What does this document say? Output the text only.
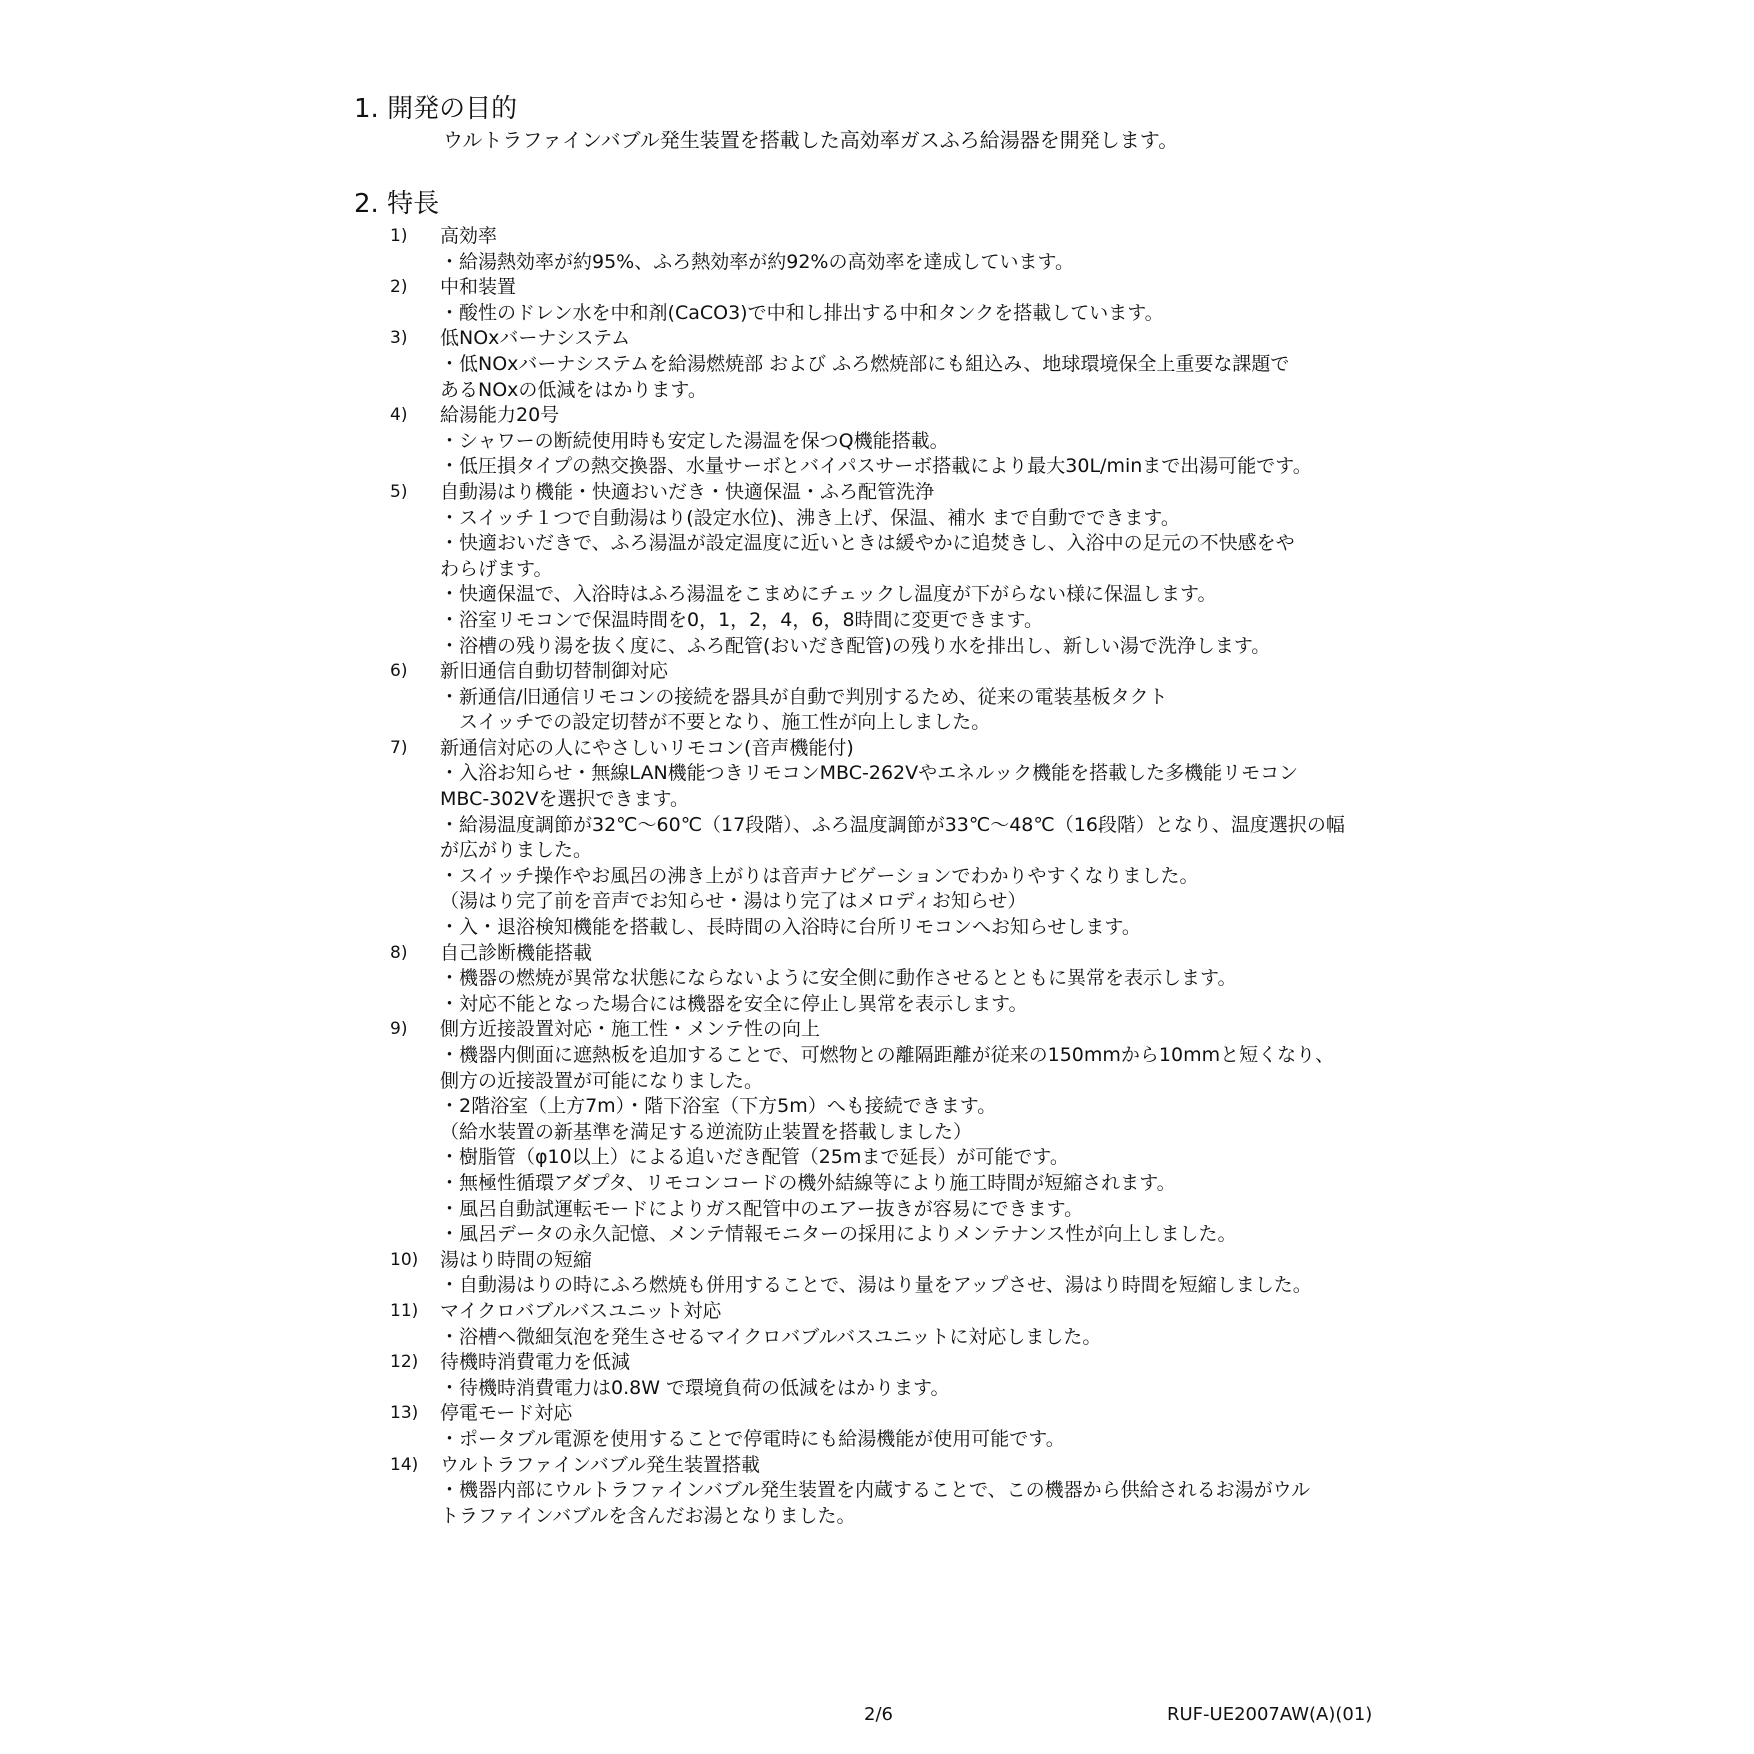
1. 開発の目的
ウルトラファインバブル発生装置を搭載した高効率ガスふろ給湯器を開発します。
2. 特長
1)	高効率
・給湯熱効率が約95%、ふろ熱効率が約92%の高効率を達成しています。
2)	中和装置
・酸性のドレン水を中和剤(CaCO3)で中和し排出する中和タンクを搭載しています。
3)	低NOxバーナシステム
・低NOxバーナシステムを給湯燃焼部 および ふろ燃焼部にも組込み、地球環境保全上重要な課題で
あるNOxの低減をはかります。
4)	給湯能力20号
・シャワーの断続使用時も安定した湯温を保つQ機能搭載。
・低圧損タイプの熱交換器、水量サーボとバイパスサーボ搭載により最大30L/minまで出湯可能です。
5)	自動湯はり機能・快適おいだき・快適保温・ふろ配管洗浄
・スイッチ１つで自動湯はり(設定水位)、沸き上げ、保温、補水 まで自動でできます。
・快適おいだきで、ふろ湯温が設定温度に近いときは緩やかに追焚きし、入浴中の足元の不快感をや
わらげます。
・快適保温で、入浴時はふろ湯温をこまめにチェックし温度が下がらない様に保温します。
・浴室リモコンで保温時間を0，1，2，4，6，8時間に変更できます。
・浴槽の残り湯を抜く度に、ふろ配管(おいだき配管)の残り水を排出し、新しい湯で洗浄します。
6)	新旧通信自動切替制御対応
・新通信/旧通信リモコンの接続を器具が自動で判別するため、従来の電装基板タクト
　スイッチでの設定切替が不要となり、施工性が向上しました。
7)	新通信対応の人にやさしいリモコン(音声機能付)
・入浴お知らせ・無線LAN機能つきリモコンMBC-262Vやエネルック機能を搭載した多機能リモコン
MBC-302Vを選択できます。
・給湯温度調節が32℃～60℃（17段階）、ふろ温度調節が33℃～48℃（16段階）となり、温度選択の幅
が広がりました。
・スイッチ操作やお風呂の沸き上がりは音声ナビゲーションでわかりやすくなりました。
（湯はり完了前を音声でお知らせ・湯はり完了はメロディお知らせ）
・入・退浴検知機能を搭載し、長時間の入浴時に台所リモコンへお知らせします。
8)	自己診断機能搭載
・機器の燃焼が異常な状態にならないように安全側に動作させるとともに異常を表示します。
・対応不能となった場合には機器を安全に停止し異常を表示します。
9)	側方近接設置対応・施工性・メンテ性の向上
・機器内側面に遮熱板を追加することで、可燃物との離隔距離が従来の150mmから10mmと短くなり、
側方の近接設置が可能になりました。
・2階浴室（上方7m）・階下浴室（下方5m）へも接続できます。
（給水装置の新基準を満足する逆流防止装置を搭載しました）
・樹脂管（φ10以上）による追いだき配管（25mまで延長）が可能です。
・無極性循環アダプタ、リモコンコードの機外結線等により施工時間が短縮されます。
・風呂自動試運転モードによりガス配管中のエアー抜きが容易にできます。
・風呂データの永久記憶、メンテ情報モニターの採用によりメンテナンス性が向上しました。
10)	湯はり時間の短縮
・自動湯はりの時にふろ燃焼も併用することで、湯はり量をアップさせ、湯はり時間を短縮しました。
11)	マイクロバブルバスユニット対応
・浴槽へ微細気泡を発生させるマイクロバブルバスユニットに対応しました。
12)	待機時消費電力を低減
・待機時消費電力は0.8W で環境負荷の低減をはかります。
13)	停電モード対応
・ポータブル電源を使用することで停電時にも給湯機能が使用可能です。
14)	ウルトラファインバブル発生装置搭載
・機器内部にウルトラファインバブル発生装置を内蔵することで、この機器から供給されるお湯がウル
トラファインバブルを含んだお湯となりました。
2/6	RUF-UE2007AW(A)(01)
